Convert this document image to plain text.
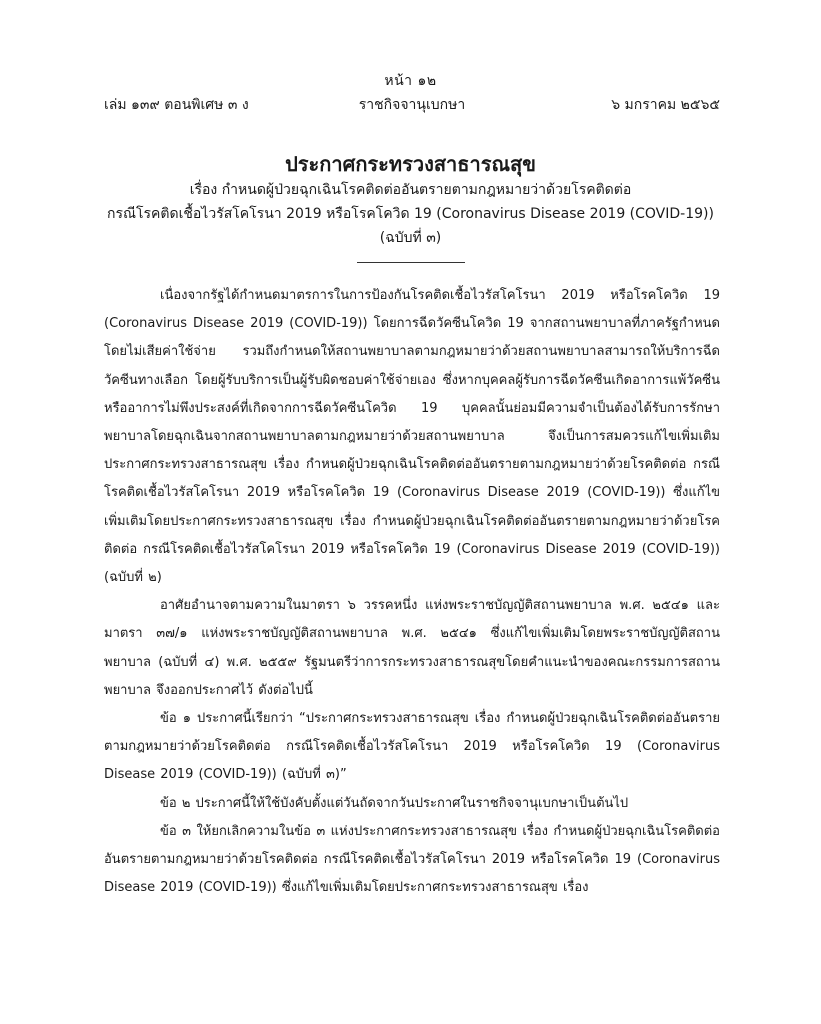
หน้า ๑๒
เล่ม ๑๓๙ ตอนพิเศษ ๓ ง	ราชกิจจานุเบกษา	๖ มกราคม ๒๕๖๕
ประกาศกระทรวงสาธารณสุข
เรื่อง กำหนดผู้ป่วยฉุกเฉินโรคติดต่ออันตรายตามกฎหมายว่าด้วยโรคติดต่อ
กรณีโรคติดเชื้อไวรัสโคโรนา 2019 หรือโรคโควิด 19 (Coronavirus Disease 2019 (COVID-19))
(ฉบับที่ ๓)

เนื่องจากรัฐได้กำหนดมาตรการในการป้องกันโรคติดเชื้อไวรัสโคโรนา 2019 หรือโรคโควิด 19 (Coronavirus Disease 2019 (COVID-19)) โดยการฉีดวัคซีนโควิด 19 จากสถานพยาบาลที่ภาครัฐกำหนด โดยไม่เสียค่าใช้จ่าย รวมถึงกำหนดให้สถานพยาบาลตามกฎหมายว่าด้วยสถานพยาบาลสามารถให้บริการฉีดวัคซีนทางเลือก โดยผู้รับบริการเป็นผู้รับผิดชอบค่าใช้จ่ายเอง ซึ่งหากบุคคลผู้รับการฉีดวัคซีนเกิดอาการแพ้วัคซีนหรืออาการไม่พึงประสงค์ที่เกิดจากการฉีดวัคซีนโควิด 19 บุคคลนั้นย่อมมีความจำเป็นต้องได้รับการรักษาพยาบาลโดยฉุกเฉินจากสถานพยาบาลตามกฎหมายว่าด้วยสถานพยาบาล จึงเป็นการสมควรแก้ไขเพิ่มเติมประกาศกระทรวงสาธารณสุข เรื่อง กำหนดผู้ป่วยฉุกเฉินโรคติดต่ออันตรายตามกฎหมายว่าด้วยโรคติดต่อ กรณีโรคติดเชื้อไวรัสโคโรนา 2019 หรือโรคโควิด 19 (Coronavirus Disease 2019 (COVID-19)) ซึ่งแก้ไขเพิ่มเติมโดยประกาศกระทรวงสาธารณสุข เรื่อง กำหนดผู้ป่วยฉุกเฉินโรคติดต่ออันตรายตามกฎหมายว่าด้วยโรคติดต่อ กรณีโรคติดเชื้อไวรัสโคโรนา 2019 หรือโรคโควิด 19 (Coronavirus Disease 2019 (COVID-19)) (ฉบับที่ ๒)

อาศัยอำนาจตามความในมาตรา ๖ วรรคหนึ่ง แห่งพระราชบัญญัติสถานพยาบาล พ.ศ. ๒๕๔๑ และมาตรา ๓๗/๑ แห่งพระราชบัญญัติสถานพยาบาล พ.ศ. ๒๕๔๑ ซึ่งแก้ไขเพิ่มเติมโดยพระราชบัญญัติสถานพยาบาล (ฉบับที่ ๔) พ.ศ. ๒๕๕๙ รัฐมนตรีว่าการกระทรวงสาธารณสุขโดยคำแนะนำของคณะกรรมการสถานพยาบาล จึงออกประกาศไว้ ดังต่อไปนี้

ข้อ ๑ ประกาศนี้เรียกว่า “ประกาศกระทรวงสาธารณสุข เรื่อง กำหนดผู้ป่วยฉุกเฉินโรคติดต่ออันตรายตามกฎหมายว่าด้วยโรคติดต่อ กรณีโรคติดเชื้อไวรัสโคโรนา 2019 หรือโรคโควิด 19 (Coronavirus Disease 2019 (COVID-19)) (ฉบับที่ ๓)”

ข้อ ๒ ประกาศนี้ให้ใช้บังคับตั้งแต่วันถัดจากวันประกาศในราชกิจจานุเบกษาเป็นต้นไป

ข้อ ๓ ให้ยกเลิกความในข้อ ๓ แห่งประกาศกระทรวงสาธารณสุข เรื่อง กำหนดผู้ป่วยฉุกเฉินโรคติดต่ออันตรายตามกฎหมายว่าด้วยโรคติดต่อ กรณีโรคติดเชื้อไวรัสโคโรนา 2019 หรือโรคโควิด 19 (Coronavirus Disease 2019 (COVID-19)) ซึ่งแก้ไขเพิ่มเติมโดยประกาศกระทรวงสาธารณสุข เรื่อง
